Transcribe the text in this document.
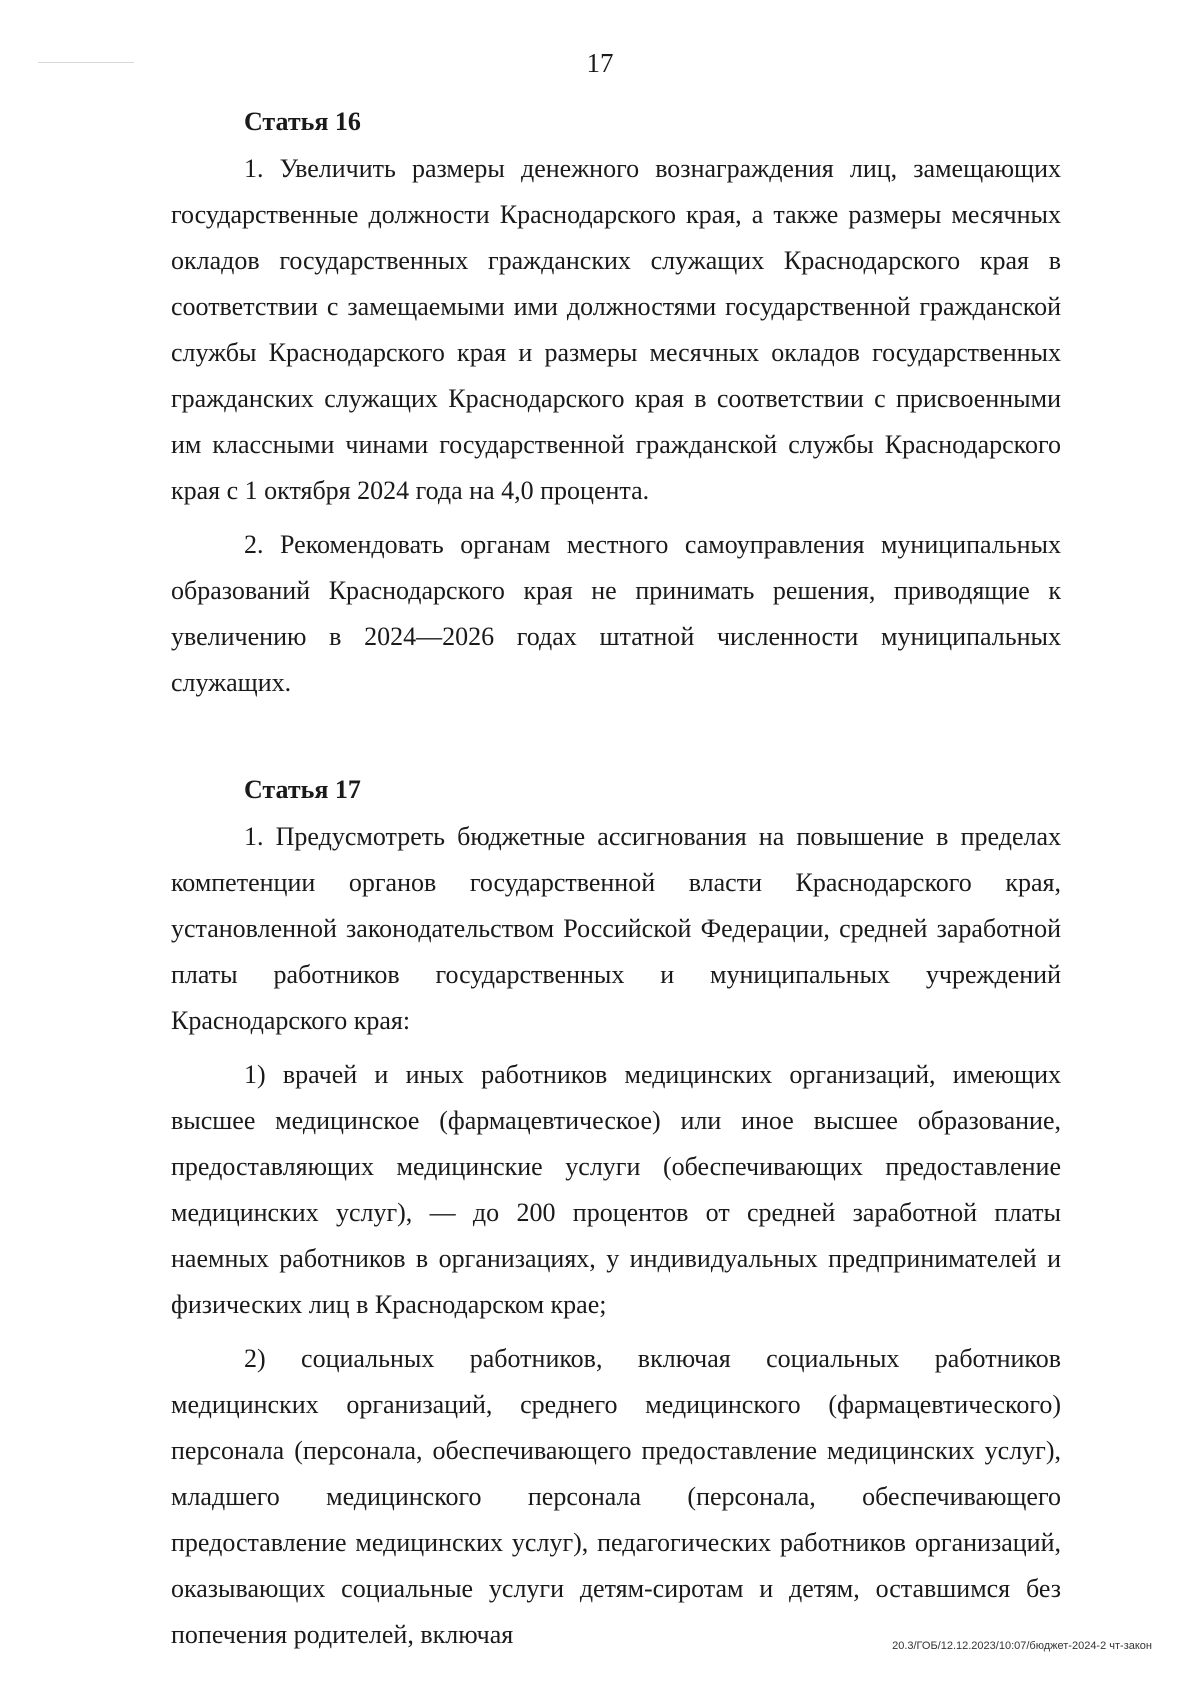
17
Статья 16

1. Увеличить размеры денежного вознаграждения лиц, замещающих государственные должности Краснодарского края, а также размеры месячных окладов государственных гражданских служащих Краснодарского края в соответствии с замещаемыми ими должностями государственной гражданской службы Краснодарского края и размеры месячных окладов государственных гражданских служащих Краснодарского края в соответствии с присвоенными им классными чинами государственной гражданской службы Краснодарского края с 1 октября 2024 года на 4,0 процента.

2. Рекомендовать органам местного самоуправления муниципальных образований Краснодарского края не принимать решения, приводящие к увеличению в 2024—2026 годах штатной численности муниципальных служащих.

Статья 17

1. Предусмотреть бюджетные ассигнования на повышение в пределах компетенции органов государственной власти Краснодарского края, установленной законодательством Российской Федерации, средней заработной платы работников государственных и муниципальных учреждений Краснодарского края:

1) врачей и иных работников медицинских организаций, имеющих высшее медицинское (фармацевтическое) или иное высшее образование, предоставляющих медицинские услуги (обеспечивающих предоставление медицинских услуг), — до 200 процентов от средней заработной платы наемных работников в организациях, у индивидуальных предпринимателей и физических лиц в Краснодарском крае;

2) социальных работников, включая социальных работников медицинских организаций, среднего медицинского (фармацевтического) персонала (персонала, обеспечивающего предоставление медицинских услуг), младшего медицинского персонала (персонала, обеспечивающего предоставление медицинских услуг), педагогических работников организаций, оказывающих социальные услуги детям-сиротам и детям, оставшимся без попечения родителей, включая	20.3/ГОБ/12.12.2023/10:07/бюджет-2024-2 чт-закон
